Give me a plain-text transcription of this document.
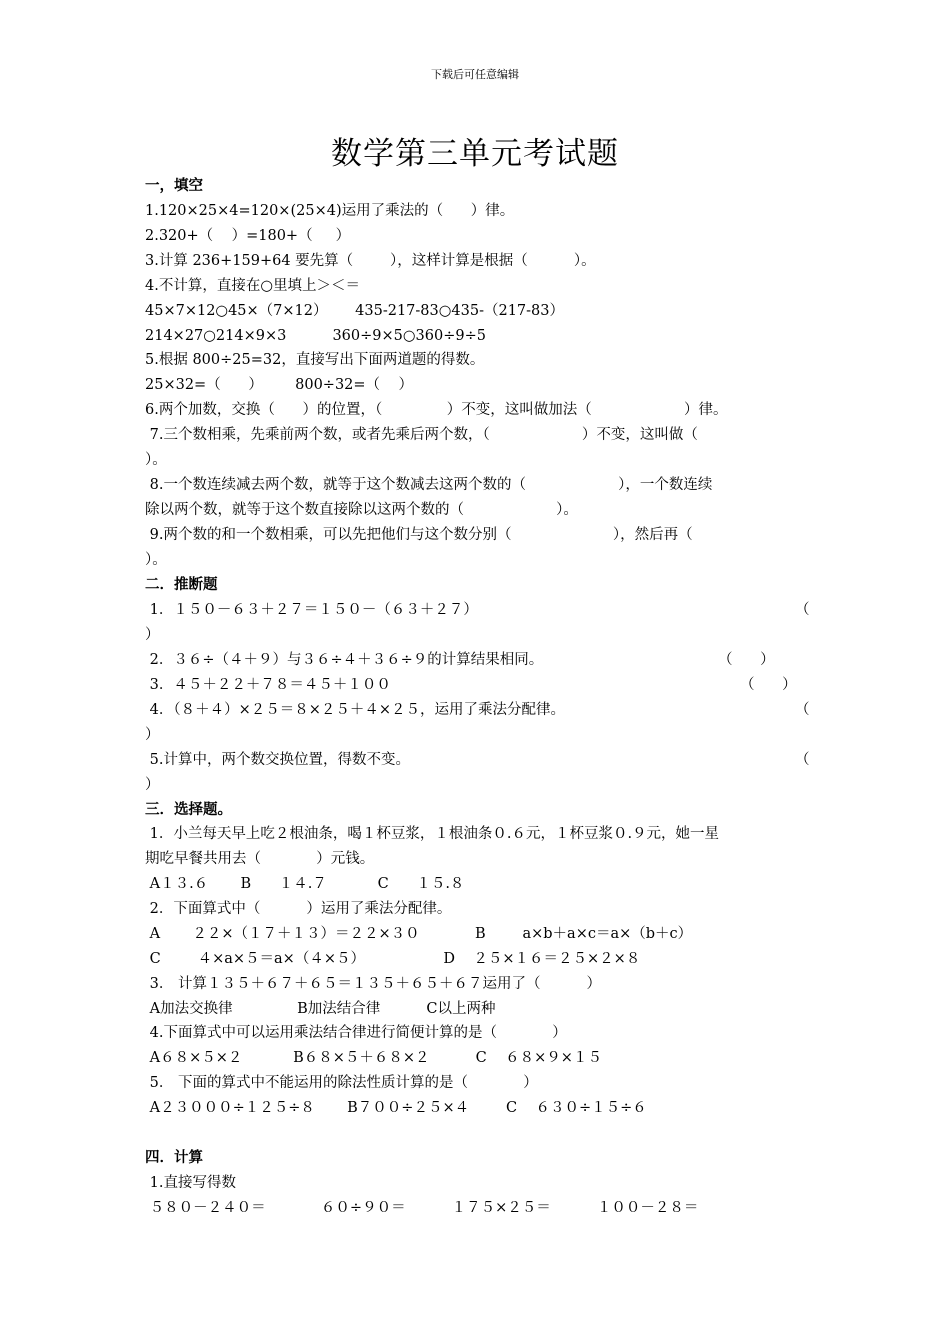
下载后可任意编辑
数学第三单元考试题
一，填空
1.120×25×4=120×(25×4)运用了乘法的（      ）律。
2.320+（    ）=180+（     ）
3.计算 236+159+64 要先算（        ），这样计算是根据（          ）。
4.不计算，直接在○里填上＞＜＝
45×7×12○45×（7×12）      435-217-83○435-（217-83）
214×27○214×9×3          360÷9×5○360÷9÷5
5.根据 800÷25=32，直接写出下面两道题的得数。
25×32=（      ）       800÷32=（    ）
6.两个加数，交换（      ）的位置，（              ）不变，这叫做加法（                    ）律。
7.三个数相乘，先乘前两个数，或者先乘后两个数，（                    ）不变，这叫做（
）。
8.一个数连续减去两个数，就等于这个数减去这两个数的（                    ），一个数连续
除以两个数，就等于这个数直接除以这两个数的（                    ）。
9.两个数的和一个数相乘，可以先把他们与这个数分别（                      ），然后再（
）。
二．推断题
1．１５０－６３＋２７＝１５０－（６３＋２７）	（
）
2．３６÷（４＋９）与３６÷４＋３６÷９的计算结果相同。	（      ）
3．４５＋２２＋７８＝４５＋１００	（      ）
4．（８＋４）×２５＝８×２５＋４×２５，运用了乘法分配律。	（
）
5.计算中，两个数交换位置，得数不变。	（
）
三．选择题。
1．小兰每天早上吃２根油条，喝１杯豆浆，１根油条０.６元，１杯豆浆０.９元，她一星
期吃早餐共用去（            ）元钱。
A１３.６       B      １４.７           C      １５.８
2．下面算式中（          ）运用了乘法分配律。
A       ２２×（１７＋１３）＝２２×３０            B        a×b＋a×c＝a×（b＋c）
C        ４×a×５＝a×（４×５）                 D    ２５×１６＝２５×２×８
3． 计算１３５＋６７＋６５＝１３５＋６５＋６７运用了（          ）
A加法交换律              B加法结合律          C以上两种
4.下面算式中可以运用乘法结合律进行简便计算的是（            ）
A６８×５×２           B６８×５＋６８×２          C    ６８×９×１５
5． 下面的算式中不能运用的除法性质计算的是（            ）
A２３０００÷１２５÷８       B７００÷２５×４        C    ６３０÷１５÷６
四．计算
1.直接写得数
５８０－２４０＝            ６０÷９０＝          １７５×２５＝          １００－２８＝
